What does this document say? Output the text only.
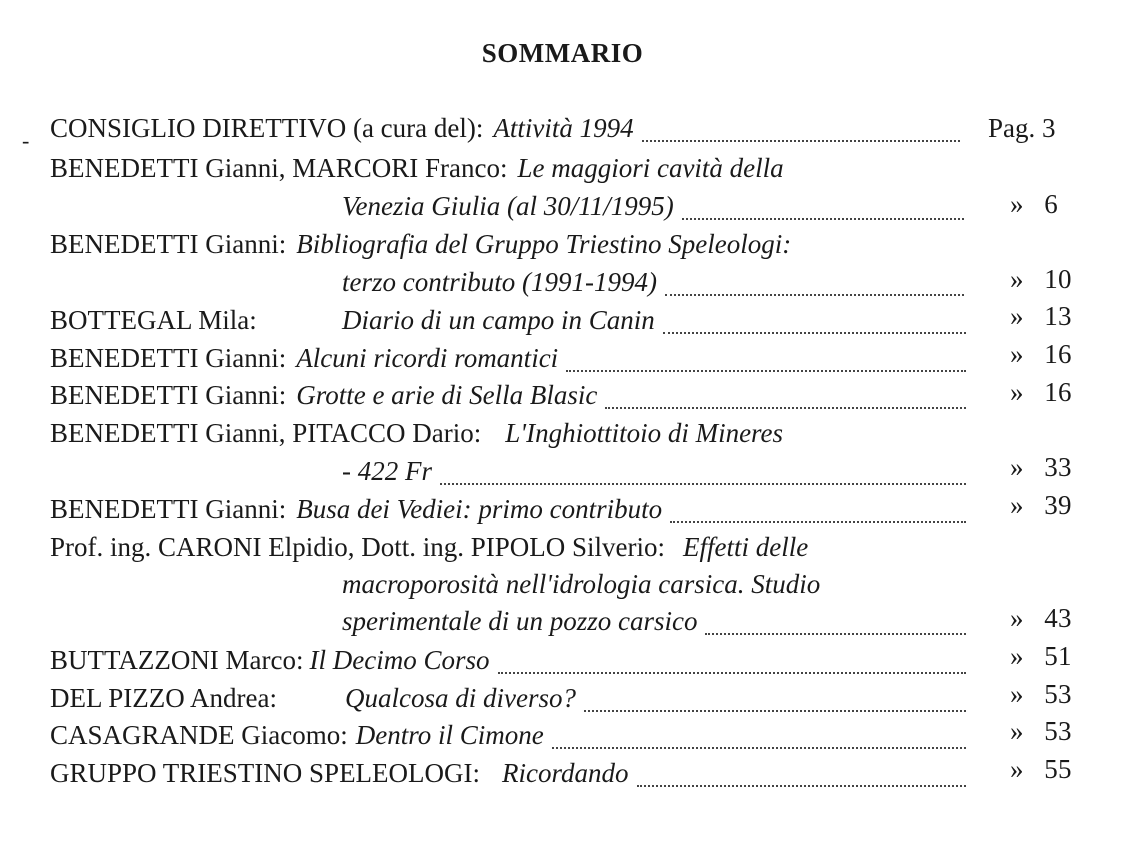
SOMMARIO
- CONSIGLIO DIRETTIVO (a cura del): Attività 1994	Pag. 3
BENEDETTI Gianni, MARCORI Franco: Le maggiori cavità della
Venezia Giulia (al 30/11/1995)	» 6
BENEDETTI Gianni: Bibliografia del Gruppo Triestino Speleologi:
terzo contributo (1991-1994)	» 10
BOTTEGAL Mila:	Diario di un campo in Canin	» 13
BENEDETTI Gianni: Alcuni ricordi romantici	» 16
BENEDETTI Gianni: Grotte e arie di Sella Blasic	» 16
BENEDETTI Gianni, PITACCO Dario: L'Inghiottitoio di Mineres
- 422 Fr	» 33
BENEDETTI Gianni: Busa dei Vediei: primo contributo	» 39
Prof. ing. CARONI Elpidio, Dott. ing. PIPOLO Silverio: Effetti delle
macroporosità nell'idrologia carsica. Studio
sperimentale di un pozzo carsico	» 43
BUTTAZZONI Marco: Il Decimo Corso	» 51
DEL PIZZO Andrea:	Qualcosa di diverso?	» 53
CASAGRANDE Giacomo: Dentro il Cimone	» 53
GRUPPO TRIESTINO SPELEOLOGI: Ricordando	» 55
